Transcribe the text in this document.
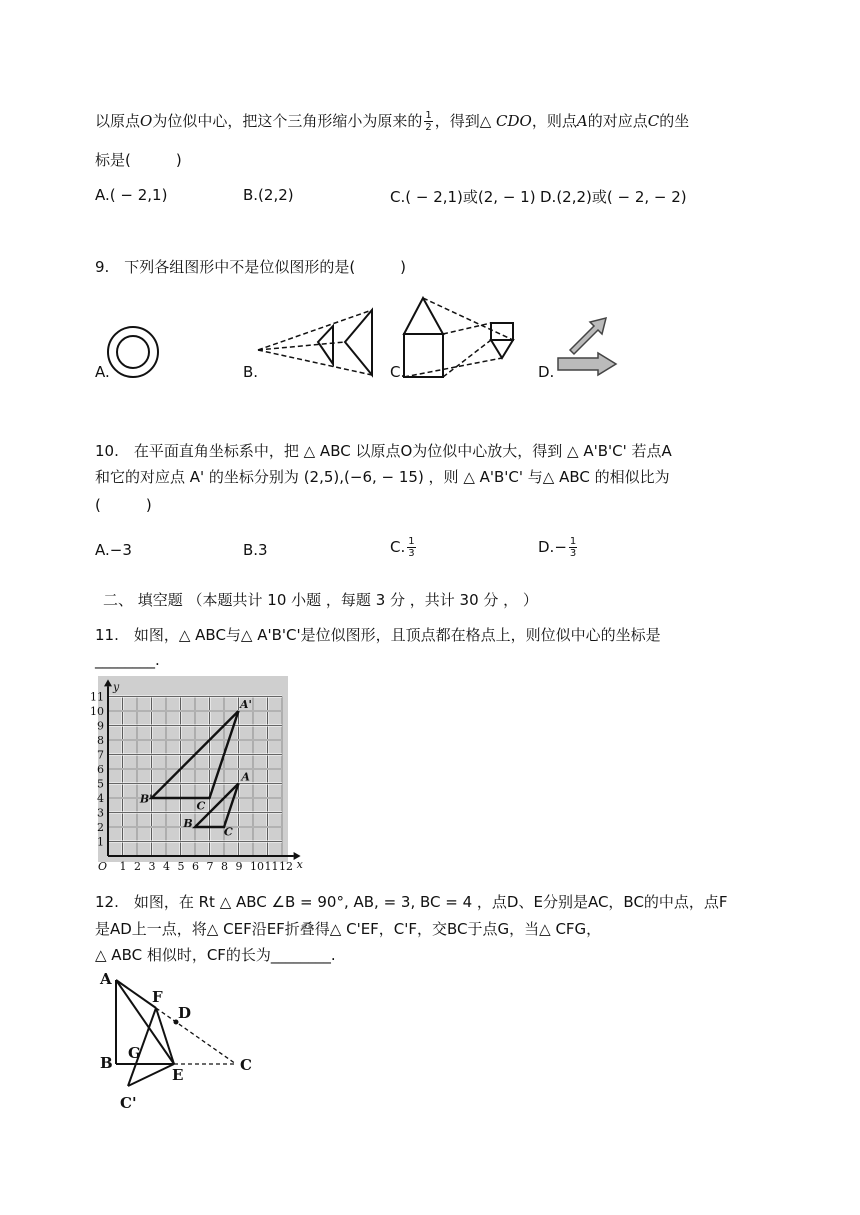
以原点O为位似中心，把这个三角形缩小为原来的 $\frac{1}{2}$ ，得到△ CDO，则点A的对应点C的坐
标是(　　　)
A.( − 2,1)	B.(2,2)	C.( − 2,1)或(2, − 1) D.(2,2)或( − 2, − 2)
9.　下列各组图形中不是位似图形的是(　　　)
A.	B.	C.	D.
10.　在平面直角坐标系中，把 △ ABC 以原点O为位似中心放大，得到 △ A'B'C' 若点A
和它的对应点 A' 的坐标分别为 (2,5),(−6, − 15) ，则 △ A'B'C' 与△ ABC 的相似比为
(　　　)
A.−3	B.3	C. $\frac{1}{3}$	$D.- \frac{1}{3}$
二、 填空题 （本题共计 10 小题 ，每题 3 分 ，共计 30 分 ， ）
11.　如图，△ ABC与△ A'B'C'是位似图形，且顶点都在格点上，则位似中心的坐标是
________.
1 2 3 4 5 6 7 8 9 10 11 12
1
2
3
4
5
6
7
8
9
10
11
O
y
x
A'
B'
C
A
B
C
12.　如图，在 Rt △ ABC ∠B = 90°, AB, = 3, BC = 4 ，点D、E分别是AC，BC的中点，点F
是AD上一点，将△ CEF沿EF折叠得△ C'EF，C'F，交BC于点G，当△ CFG，
△ ABC 相似时，CF的长为________.
A
B	C
D
E
F
G
C'
